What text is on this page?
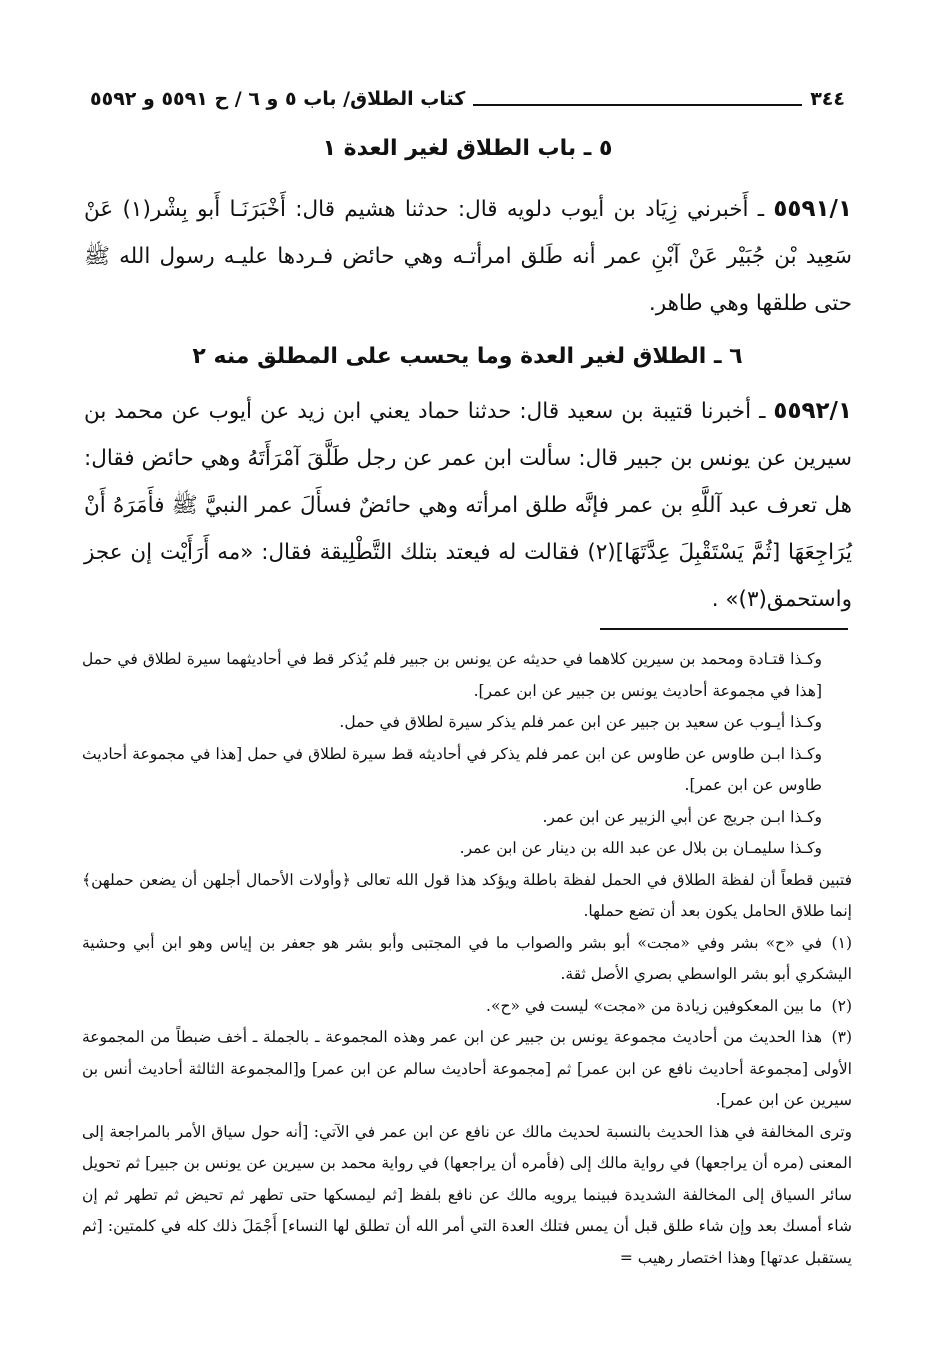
٣٤٤
كتاب الطلاق/ باب ٥ و ٦ / ح ٥٥٩١ و ٥٥٩٢
٥ ـ باب الطلاق لغير العدة ١
٥٥٩١/١ ـ أَخبرني زِيَاد بن أيوب دلويه قال: حدثنا هشيم قال: أَخْبَرَنَـا أَبو بِشْر(١) عَنْ سَعِيد بْن جُبَيْر عَنْ آبْنِ عمر أنه طَلق امرأتـه وهي حائض فـردها عليـه رسول الله ﷺ حتى طلقها وهي طاهر.
٦ ـ الطلاق لغير العدة وما يحسب على المطلق منه ٢
٥٥٩٢/١ ـ أخبرنا قتيبة بن سعيد قال: حدثنا حماد يعني ابن زيد عن أيوب عن محمد بن سيرين عن يونس بن جبير قال: سألت ابن عمر عن رجل طَلَّقَ آمْرَأَتَهُ وهي حائض فقال: هل تعرف عبد آللَّهِ بن عمر فإنَّه طلق امرأته وهي حائضٌ فسأَلَ عمر النبيَّ ﷺ فأَمَرَهُ أَنْ يُرَاجِعَهَا [ثُمَّ يَسْتَقْبِلَ عِدَّتَهَا](٢) فقالت له فيعتد بتلك التَّطْلِيقة فقال: «مه أَرَأَيْت إن عجز واستحمق(٣)» .

وكـذا قتـادة ومحمد بن سيرين كلاهما في حديثه عن يونس بن جبير فلم يُذكر قط في أحاديثهما سيرة لطلاق في حمل [هذا في مجموعة أحاديث يونس بن جبير عن ابن عمر].

وكـذا أيـوب عن سعيد بن جبير عن ابن عمر فلم يذكر سيرة لطلاق في حمل.

وكـذا ابـن طاوس عن طاوس عن ابن عمر فلم يذكر في أحاديثه قط سيرة لطلاق في حمل [هذا في مجموعة أحاديث طاوس عن ابن عمر].

وكـذا ابـن جريج عن أبي الزبير عن ابن عمر.

وكـذا سليمـان بن بلال عن عبد الله بن دينار عن ابن عمر.

فتبين قطعاً أن لفظة الطلاق في الحمل لفظة باطلة ويؤكد هذا قول الله تعالى ﴿وأولات الأحمال أجلهن أن يضعن حملهن﴾ إنما طلاق الحامل يكون بعد أن تضع حملها.

(١)في «ح» بشر وفي «مجت» أبو بشر والصواب ما في المجتبى وأبو بشر هو جعفر بن إياس وهو ابن أبي وحشية اليشكري أبو بشر الواسطي بصري الأصل ثقة.

(٢)ما بين المعكوفين زيادة من «مجت» ليست في «ح».

(٣)هذا الحديث من أحاديث مجموعة يونس بن جبير عن ابن عمر وهذه المجموعة ـ بالجملة ـ أخف ضبطاً من المجموعة الأولى [مجموعة أحاديث نافع عن ابن عمر] ثم [مجموعة أحاديث سالم عن ابن عمر] و[المجموعة الثالثة أحاديث أنس بن سيرين عن ابن عمر].

وترى المخالفة في هذا الحديث بالنسبة لحديث مالك عن نافع عن ابن عمر في الآتي: [أنه حول سياق الأمر بالمراجعة إلى المعنى (مره أن يراجعها) في رواية مالك إلى (فأمره أن يراجعها) في رواية محمد بن سيرين عن يونس بن جبير] ثم تحويل سائر السياق إلى المخالفة الشديدة فبينما يرويه مالك عن نافع بلفظ [ثم ليمسكها حتى تطهر ثم تحيض ثم تطهر ثم إن شاء أمسك بعد وإن شاء طلق قبل أن يمس فتلك العدة التي أمر الله أن تطلق لها النساء] أَجْمَلَ ذلك كله في كلمتين: [ثم يستقبل عدتها] وهذا اختصار رهيب =
